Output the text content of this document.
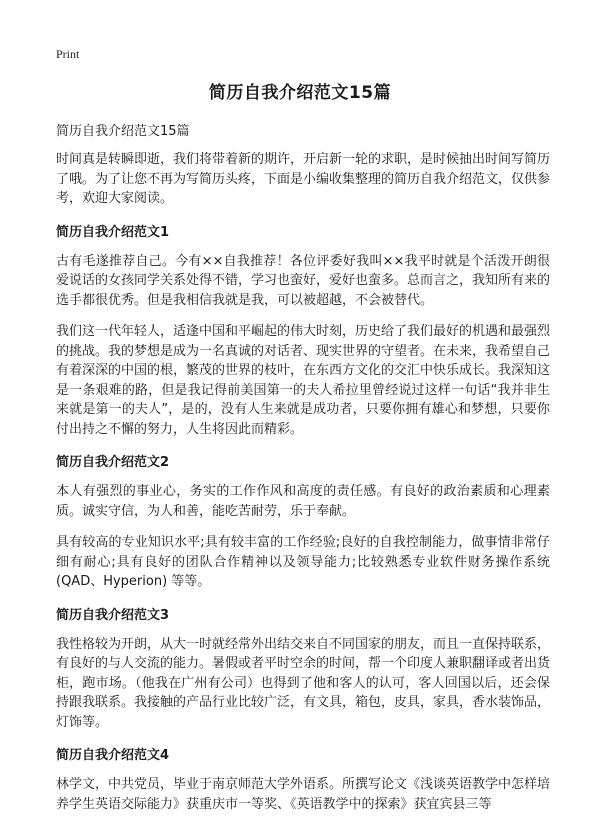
Print
简历自我介绍范文15篇
简历自我介绍范文15篇

时间真是转瞬即逝，我们将带着新的期许，开启新一轮的求职，是时候抽出时间写简历了哦。为了让您不再为写简历头疼，下面是小编收集整理的简历自我介绍范文，仅供参考，欢迎大家阅读。

简历自我介绍范文1

古有毛遂推荐自己。今有××自我推荐！各位评委好我叫××我平时就是个活泼开朗很爱说话的女孩同学关系处得不错，学习也蛮好，爱好也蛮多。总而言之，我知所有来的选手都很优秀。但是我相信我就是我，可以被超越，不会被替代。

我们这一代年轻人，适逢中国和平崛起的伟大时刻，历史给了我们最好的机遇和最强烈的挑战。我的梦想是成为一名真诚的对话者、现实世界的守望者。在未来，我希望自己有着深深的中国的根，繁茂的世界的枝叶，在东西方文化的交汇中快乐成长。我深知这是一条艰难的路，但是我记得前美国第一的夫人希拉里曾经说过这样一句话“我并非生来就是第一的夫人”，是的，没有人生来就是成功者，只要你拥有雄心和梦想，只要你付出持之不懈的努力，人生将因此而精彩。

简历自我介绍范文2

本人有强烈的事业心，务实的工作作风和高度的责任感。有良好的政治素质和心理素质。诚实守信，为人和善，能吃苦耐劳，乐于奉献。

具有较高的专业知识水平;具有较丰富的工作经验;良好的自我控制能力，做事情非常仔细有耐心;具有良好的团队合作精神以及领导能力;比较熟悉专业软件财务操作系统(QAD、Hyperion) 等等。

简历自我介绍范文3

我性格较为开朗，从大一时就经常外出结交来自不同国家的朋友，而且一直保持联系，有良好的与人交流的能力。暑假或者平时空余的时间，帮一个印度人兼职翻译或者出货柜，跑市场。（他我在广州有公司）也得到了他和客人的认可，客人回国以后，还会保持跟我联系。我接触的产品行业比较广泛，有文具，箱包，皮具，家具，香水装饰品，灯饰等。

简历自我介绍范文4

林学文，中共党员，毕业于南京师范大学外语系。所撰写论文《浅谈英语教学中怎样培养学生英语交际能力》获重庆市一等奖、《英语教学中的探索》获宜宾县三等
